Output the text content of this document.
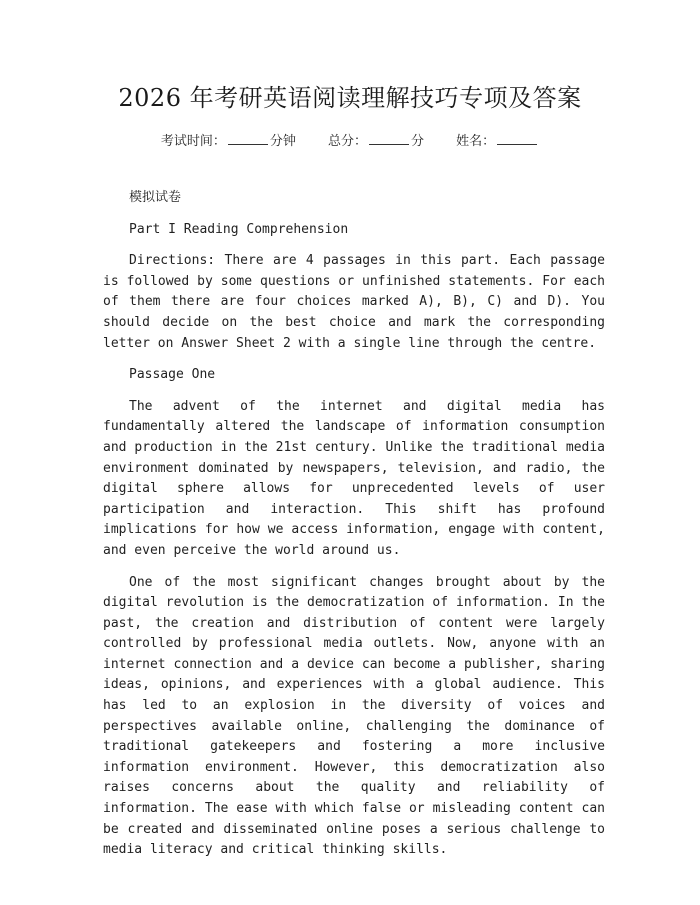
2026 年考研英语阅读理解技巧专项及答案
考试时间：	分钟 总分：	分 姓名：
模拟试卷
Part I Reading Comprehension
Directions: There are 4 passages in this part. Each passage is followed by some questions or unfinished statements. For each of them there are four choices marked A), B), C) and D). You should decide on the best choice and mark the corresponding letter on Answer Sheet 2 with a single line through the centre.
Passage One
The advent of the internet and digital media has fundamentally altered the landscape of information consumption and production in the 21st century. Unlike the traditional media environment dominated by newspapers, television, and radio, the digital sphere allows for unprecedented levels of user participation and interaction. This shift has profound implications for how we access information, engage with content, and even perceive the world around us.
One of the most significant changes brought about by the digital revolution is the democratization of information. In the past, the creation and distribution of content were largely controlled by professional media outlets. Now, anyone with an internet connection and a device can become a publisher, sharing ideas, opinions, and experiences with a global audience. This has led to an explosion in the diversity of voices and perspectives available online, challenging the dominance of traditional gatekeepers and fostering a more inclusive information environment. However, this democratization also raises concerns about the quality and reliability of information. The ease with which false or misleading content can be created and disseminated online poses a serious challenge to media literacy and critical thinking skills.
